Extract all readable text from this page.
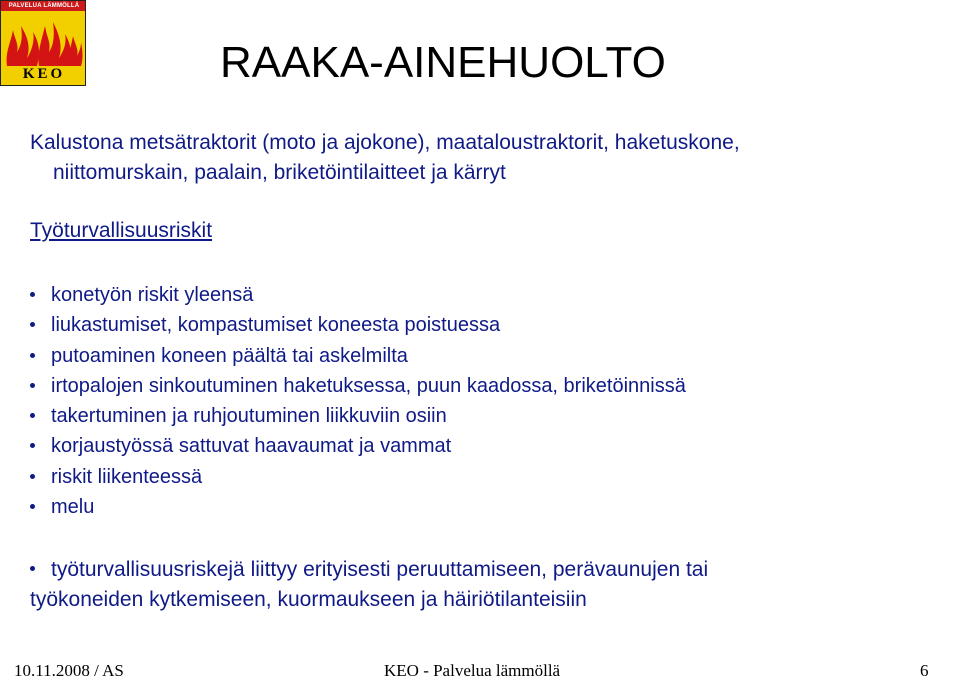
PALVELUA LÄMMÖLLÄ
KEO	RAAKA-AINEHUOLTO
Kalustona metsätraktorit (moto ja ajokone), maataloustraktorit, haketuskone,
niittomurskain, paalain, briketöintilaitteet ja kärryt
Työturvallisuusriskit
konetyön riskit yleensä
liukastumiset, kompastumiset koneesta poistuessa
putoaminen koneen päältä tai askelmilta
irtopalojen sinkoutuminen haketuksessa, puun kaadossa, briketöinnissä
takertuminen ja ruhjoutuminen liikkuviin osiin
korjaustyössä sattuvat haavaumat ja vammat
riskit liikenteessä
melu
työturvallisuusriskejä liittyy erityisesti peruuttamiseen, perävaunujen tai
työkoneiden kytkemiseen, kuormaukseen ja häiriötilanteisiin
10.11.2008 / AS	KEO - Palvelua lämmöllä	6
